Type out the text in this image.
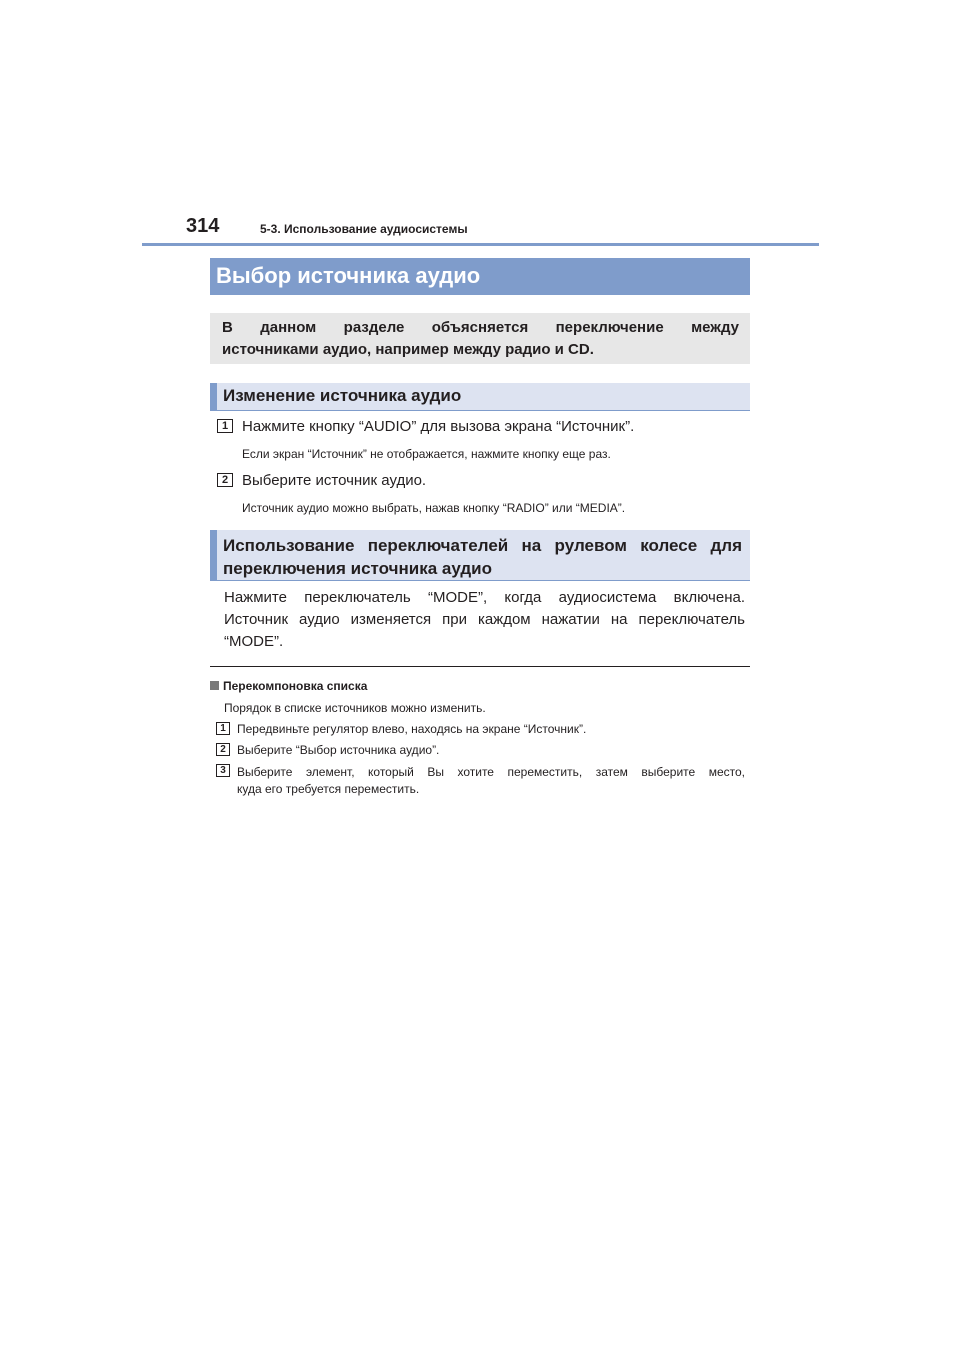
314	5-3. Использование аудиосистемы
Выбор источника аудио
В данном разделе объясняется переключение между
источниками аудио, например между радио и CD.
Изменение источника аудио
1 Нажмите кнопку “AUDIO” для вызова экрана “Источник”.
Если экран “Источник” не отображается, нажмите кнопку еще раз.
2 Выберите источник аудио.
Источник аудио можно выбрать, нажав кнопку “RADIO” или “MEDIA”.
Использование переключателей на рулевом колесе для
переключения источника аудио
Нажмите переключатель “MODE”, когда аудиосистема включена.
Источник аудио изменяется при каждом нажатии на переключатель
“MODE”.
Перекомпоновка списка
Порядок в списке источников можно изменить.
1 Передвиньте регулятор влево, находясь на экране “Источник”.
2 Выберите “Выбор источника аудио”.
3 Выберите элемент, который Вы хотите переместить, затем выберите место,
куда его требуется переместить.
